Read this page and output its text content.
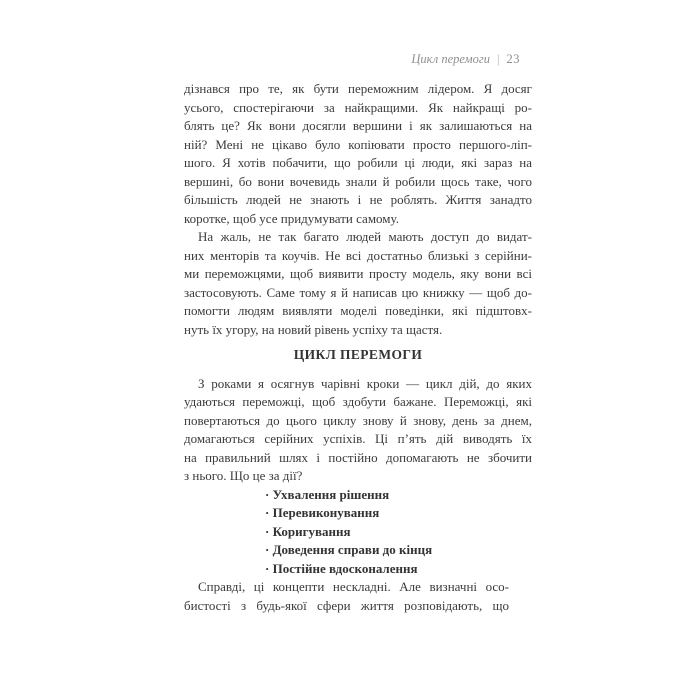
Цикл перемоги | 23
дізнався про те, як бути переможним лідером. Я досяг
усього, спостерігаючи за найкращими. Як найкращі ро-
блять це? Як вони досягли вершини і як залишаються на
ній? Мені не цікаво було копіювати просто першого-ліп-
шого. Я хотів побачити, що робили ці люди, які зараз на
вершині, бо вони вочевидь знали й робили щось таке, чого
більшість людей не знають і не роблять. Життя занадто
коротке, щоб усе придумувати самому.
На жаль, не так багато людей мають доступ до видат-
них менторів та коучів. Не всі достатньо близькі з серійни-
ми переможцями, щоб виявити просту модель, яку вони всі
застосовують. Саме тому я й написав цю книжку — щоб до-
помогти людям виявляти моделі поведінки, які підштовх-
нуть їх угору, на новий рівень успіху та щастя.
ЦИКЛ ПЕРЕМОГИ
З роками я осягнув чарівні кроки — цикл дій, до яких
удаються переможці, щоб здобути бажане. Переможці, які
повертаються до цього циклу знову й знову, день за днем,
домагаються серійних успіхів. Ці п’ять дій виводять їх
на правильний шлях і постійно допомагають не збочити
з нього. Що це за дії?
· Ухвалення рішення
· Перевиконування
· Коригування
· Доведення справи до кінця
· Постійне вдосконалення
Справді, ці концепти нескладні. Але визначні осо-
бистості з будь-якої сфери життя розповідають, що
